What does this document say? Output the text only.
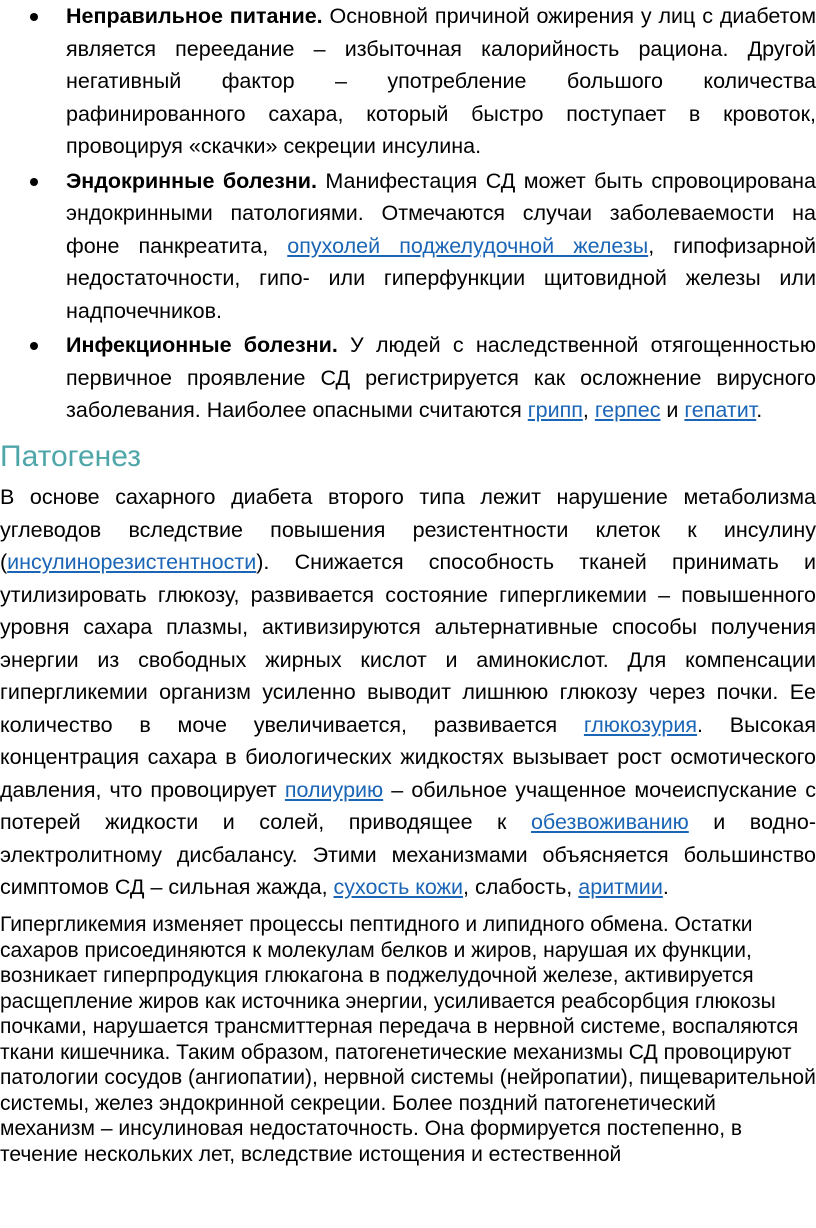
Неправильное питание. Основной причиной ожирения у лиц с диабетом является переедание – избыточная калорийность рациона. Другой негативный фактор – употребление большого количества рафинированного сахара, который быстро поступает в кровоток, провоцируя «скачки» секреции инсулина.
Эндокринные болезни. Манифестация СД может быть спровоцирована эндокринными патологиями. Отмечаются случаи заболеваемости на фоне панкреатита, опухолей поджелудочной железы, гипофизарной недостаточности, гипо- или гиперфункции щитовидной железы или надпочечников.
Инфекционные болезни. У людей с наследственной отягощенностью первичное проявление СД регистрируется как осложнение вирусного заболевания. Наиболее опасными считаются грипп, герпес и гепатит.
Патогенез

В основе сахарного диабета второго типа лежит нарушение метаболизма углеводов вследствие повышения резистентности клеток к инсулину (инсулинорезистентности). Снижается способность тканей принимать и утилизировать глюкозу, развивается состояние гипергликемии – повышенного уровня сахара плазмы, активизируются альтернативные способы получения энергии из свободных жирных кислот и аминокислот. Для компенсации гипергликемии организм усиленно выводит лишнюю глюкозу через почки. Ее количество в моче увеличивается, развивается глюкозурия. Высокая концентрация сахара в биологических жидкостях вызывает рост осмотического давления, что провоцирует полиурию – обильное учащенное мочеиспускание с потерей жидкости и солей, приводящее к обезвоживанию и водно-электролитному дисбалансу. Этими механизмами объясняется большинство симптомов СД – сильная жажда, сухость кожи, слабость, аритмии.

Гипергликемия изменяет процессы пептидного и липидного обмена. Остатки сахаров присоединяются к молекулам белков и жиров, нарушая их функции, возникает гиперпродукция глюкагона в поджелудочной железе, активируется расщепление жиров как источника энергии, усиливается реабсорбция глюкозы почками, нарушается трансмиттерная передача в нервной системе, воспаляются ткани кишечника. Таким образом, патогенетические механизмы СД провоцируют патологии сосудов (ангиопатии), нервной системы (нейропатии), пищеварительной системы, желез эндокринной секреции. Более поздний патогенетический механизм – инсулиновая недостаточность. Она формируется постепенно, в течение нескольких лет, вследствие истощения и естественной
